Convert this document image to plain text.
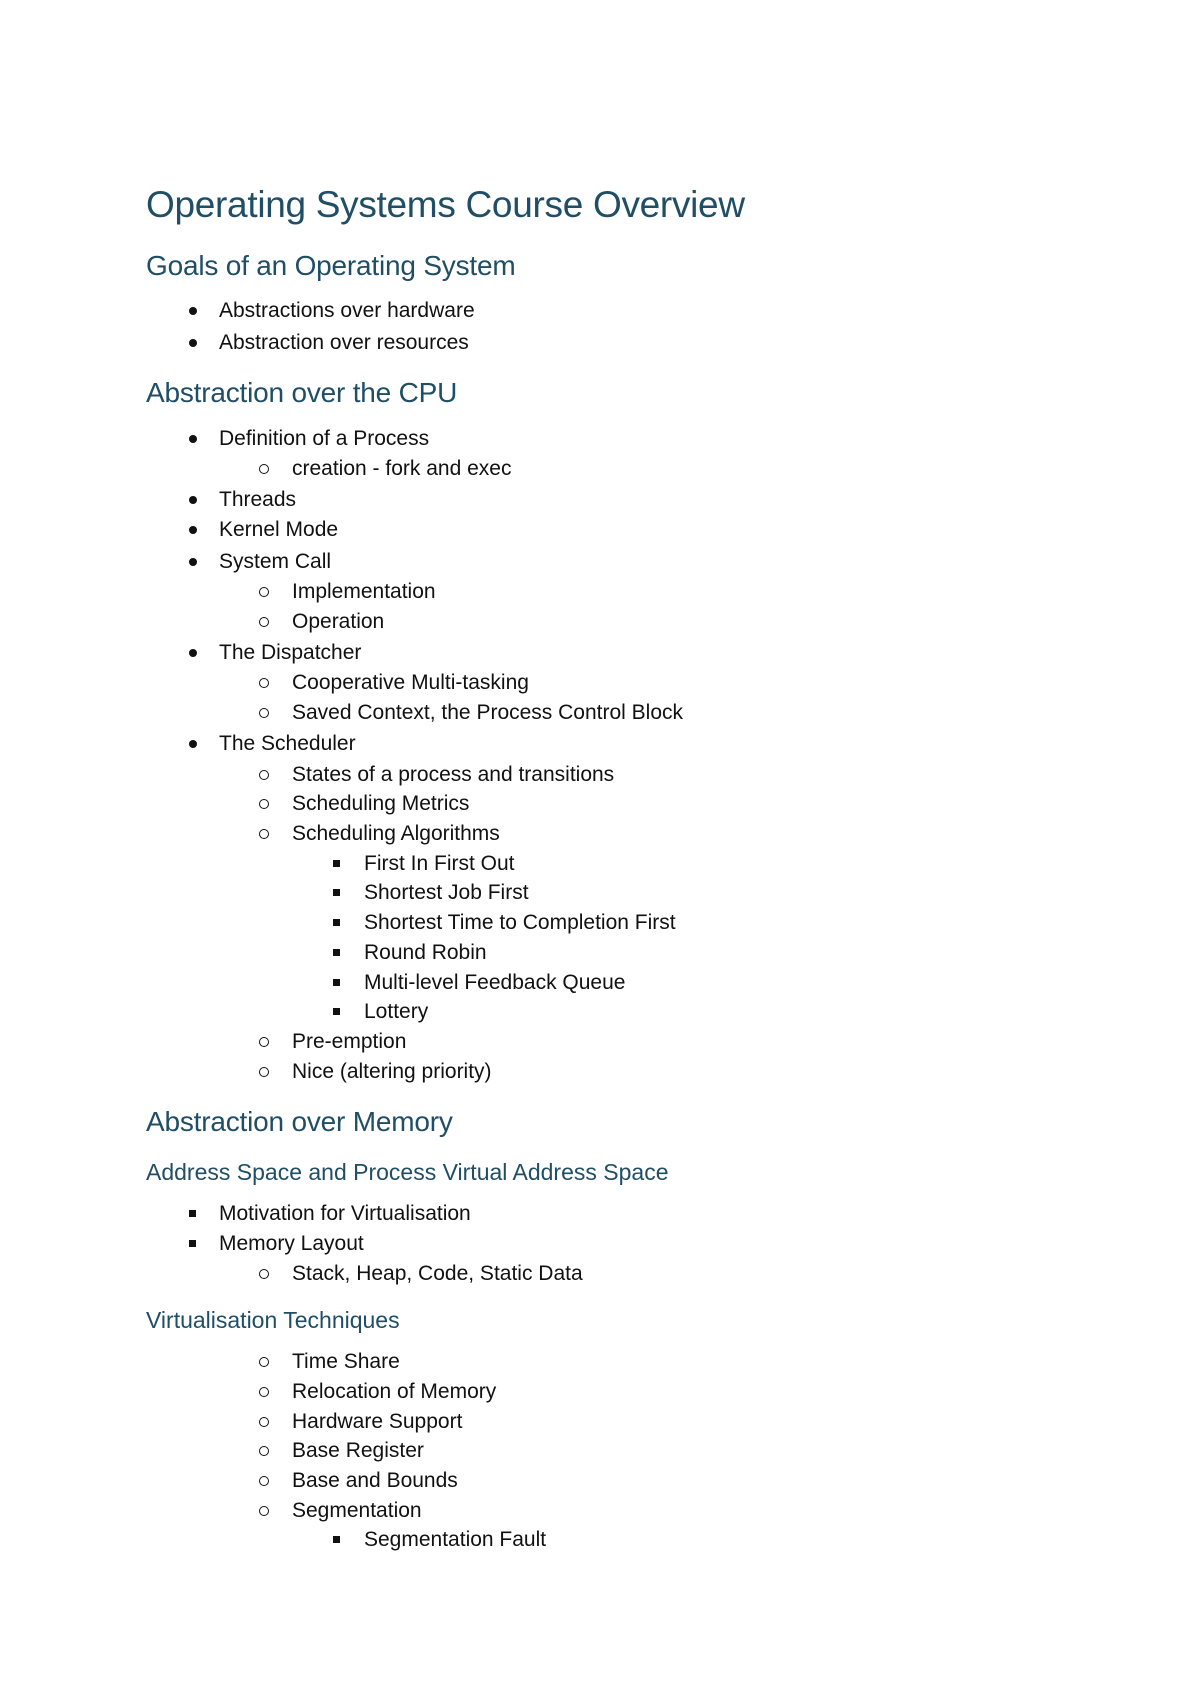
Operating Systems Course Overview
Goals of an Operating System
Abstractions over hardware
Abstraction over resources
Abstraction over the CPU
Definition of a Process
creation - fork and exec
Threads
Kernel Mode
System Call
Implementation
Operation
The Dispatcher
Cooperative Multi-tasking
Saved Context, the Process Control Block
The Scheduler
States of a process and transitions
Scheduling Metrics
Scheduling Algorithms
First In First Out
Shortest Job First
Shortest Time to Completion First
Round Robin
Multi-level Feedback Queue
Lottery
Pre-emption
Nice (altering priority)
Abstraction over Memory
Address Space and Process Virtual Address Space
Motivation for Virtualisation
Memory Layout
Stack, Heap, Code, Static Data
Virtualisation Techniques
Time Share
Relocation of Memory
Hardware Support
Base Register
Base and Bounds
Segmentation
Segmentation Fault
